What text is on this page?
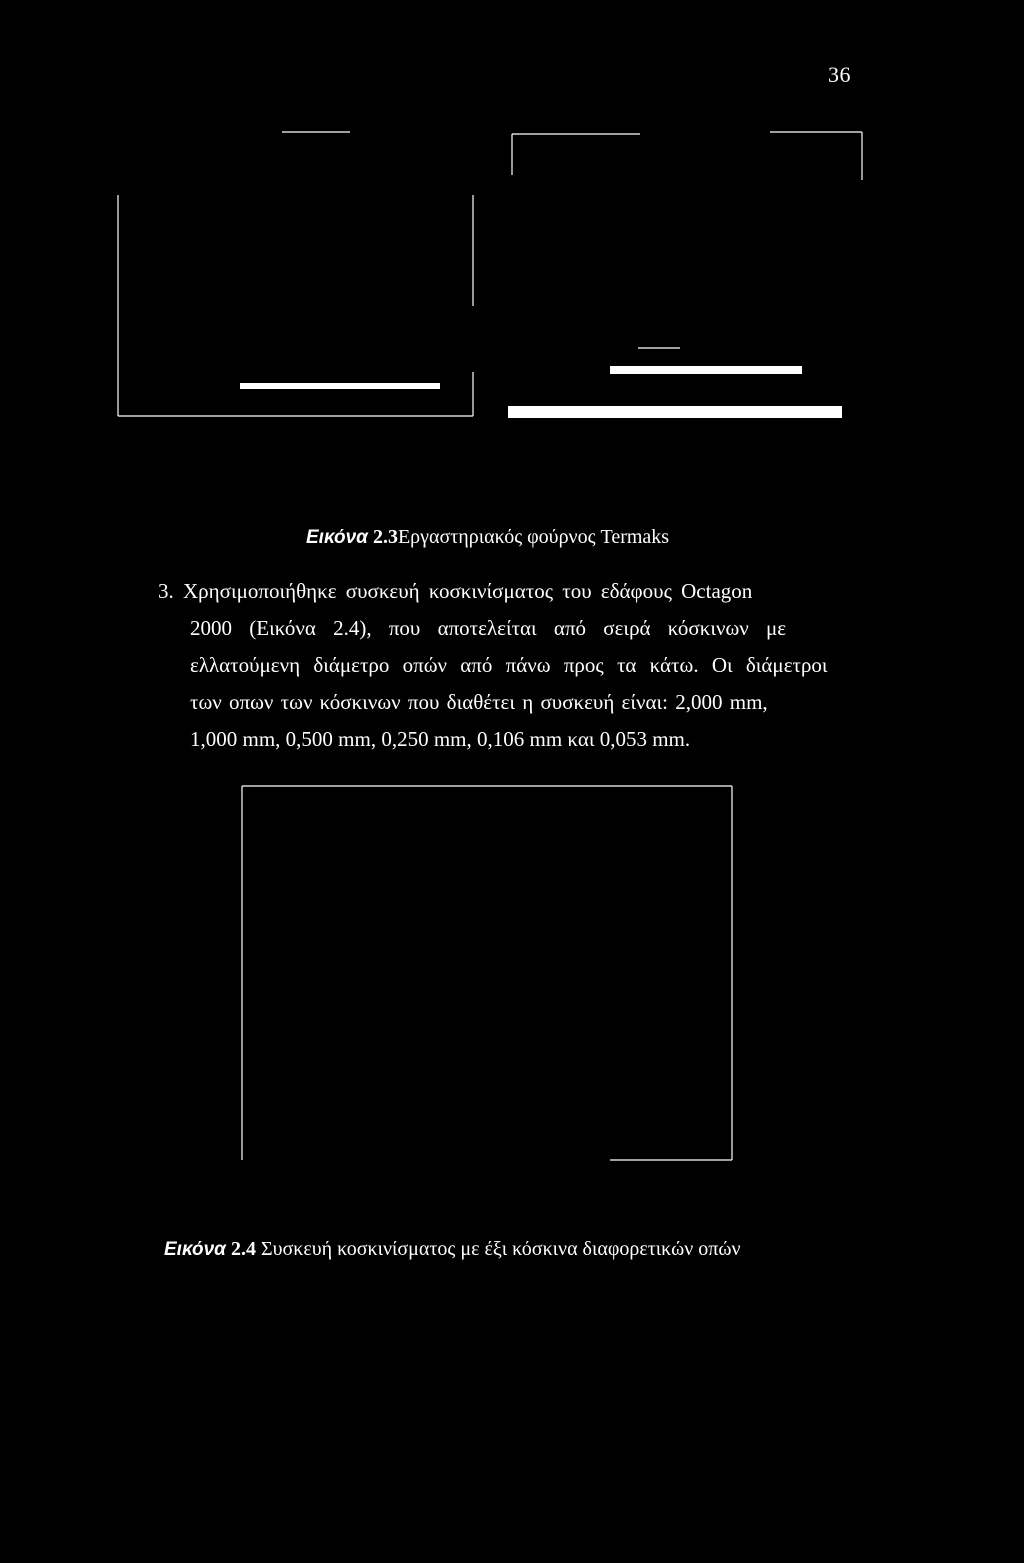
36
Εικόνα 2.3Εργαστηριακός φούρνος Termaks
3. Χρησιμοποιήθηκε συσκευή κοσκινίσματος του εδάφους Octagon
2000 (Εικόνα 2.4), που αποτελείται από σειρά κόσκινων με
ελλατούμενη διάμετρο οπών από πάνω προς τα κάτω. Οι διάμετροι
των οπων των κόσκινων που διαθέτει η συσκευή είναι: 2,000 mm,
1,000 mm, 0,500 mm, 0,250 mm, 0,106 mm και 0,053 mm.
Εικόνα 2.4 Συσκευή κοσκινίσματος με έξι κόσκινα διαφορετικών οπών
